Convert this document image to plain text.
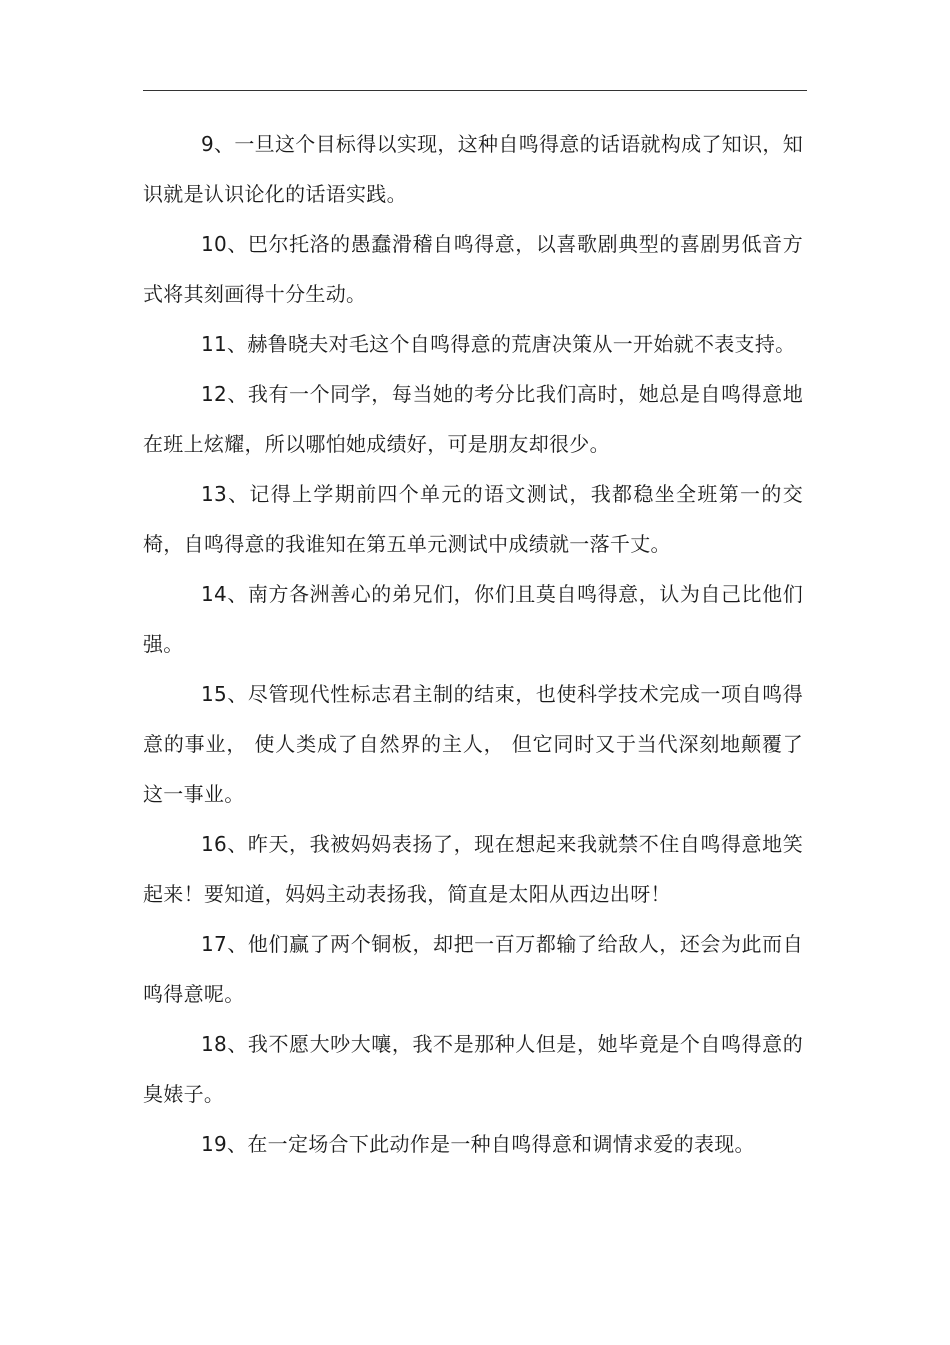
9、一旦这个目标得以实现，这种自鸣得意的话语就构成了知识，知识就是认识论化的话语实践。

10、巴尔托洛的愚蠢滑稽自鸣得意，以喜歌剧典型的喜剧男低音方式将其刻画得十分生动。

11、赫鲁晓夫对毛这个自鸣得意的荒唐决策从一开始就不表支持。

12、我有一个同学，每当她的考分比我们高时，她总是自鸣得意地在班上炫耀，所以哪怕她成绩好，可是朋友却很少。

13、记得上学期前四个单元的语文测试，我都稳坐全班第一的交椅，自鸣得意的我谁知在第五单元测试中成绩就一落千丈。

14、南方各洲善心的弟兄们，你们且莫自鸣得意，认为自己比他们强。

15、尽管现代性标志君主制的结束，也使科学技术完成一项自鸣得意的事业， 使人类成了自然界的主人， 但它同时又于当代深刻地颠覆了这一事业。

16、昨天，我被妈妈表扬了，现在想起来我就禁不住自鸣得意地笑起来！要知道，妈妈主动表扬我，简直是太阳从西边出呀！

17、他们赢了两个铜板，却把一百万都输了给敌人，还会为此而自鸣得意呢。

18、我不愿大吵大嚷，我不是那种人但是，她毕竟是个自鸣得意的臭婊子。

19、在一定场合下此动作是一种自鸣得意和调情求爱的表现。
